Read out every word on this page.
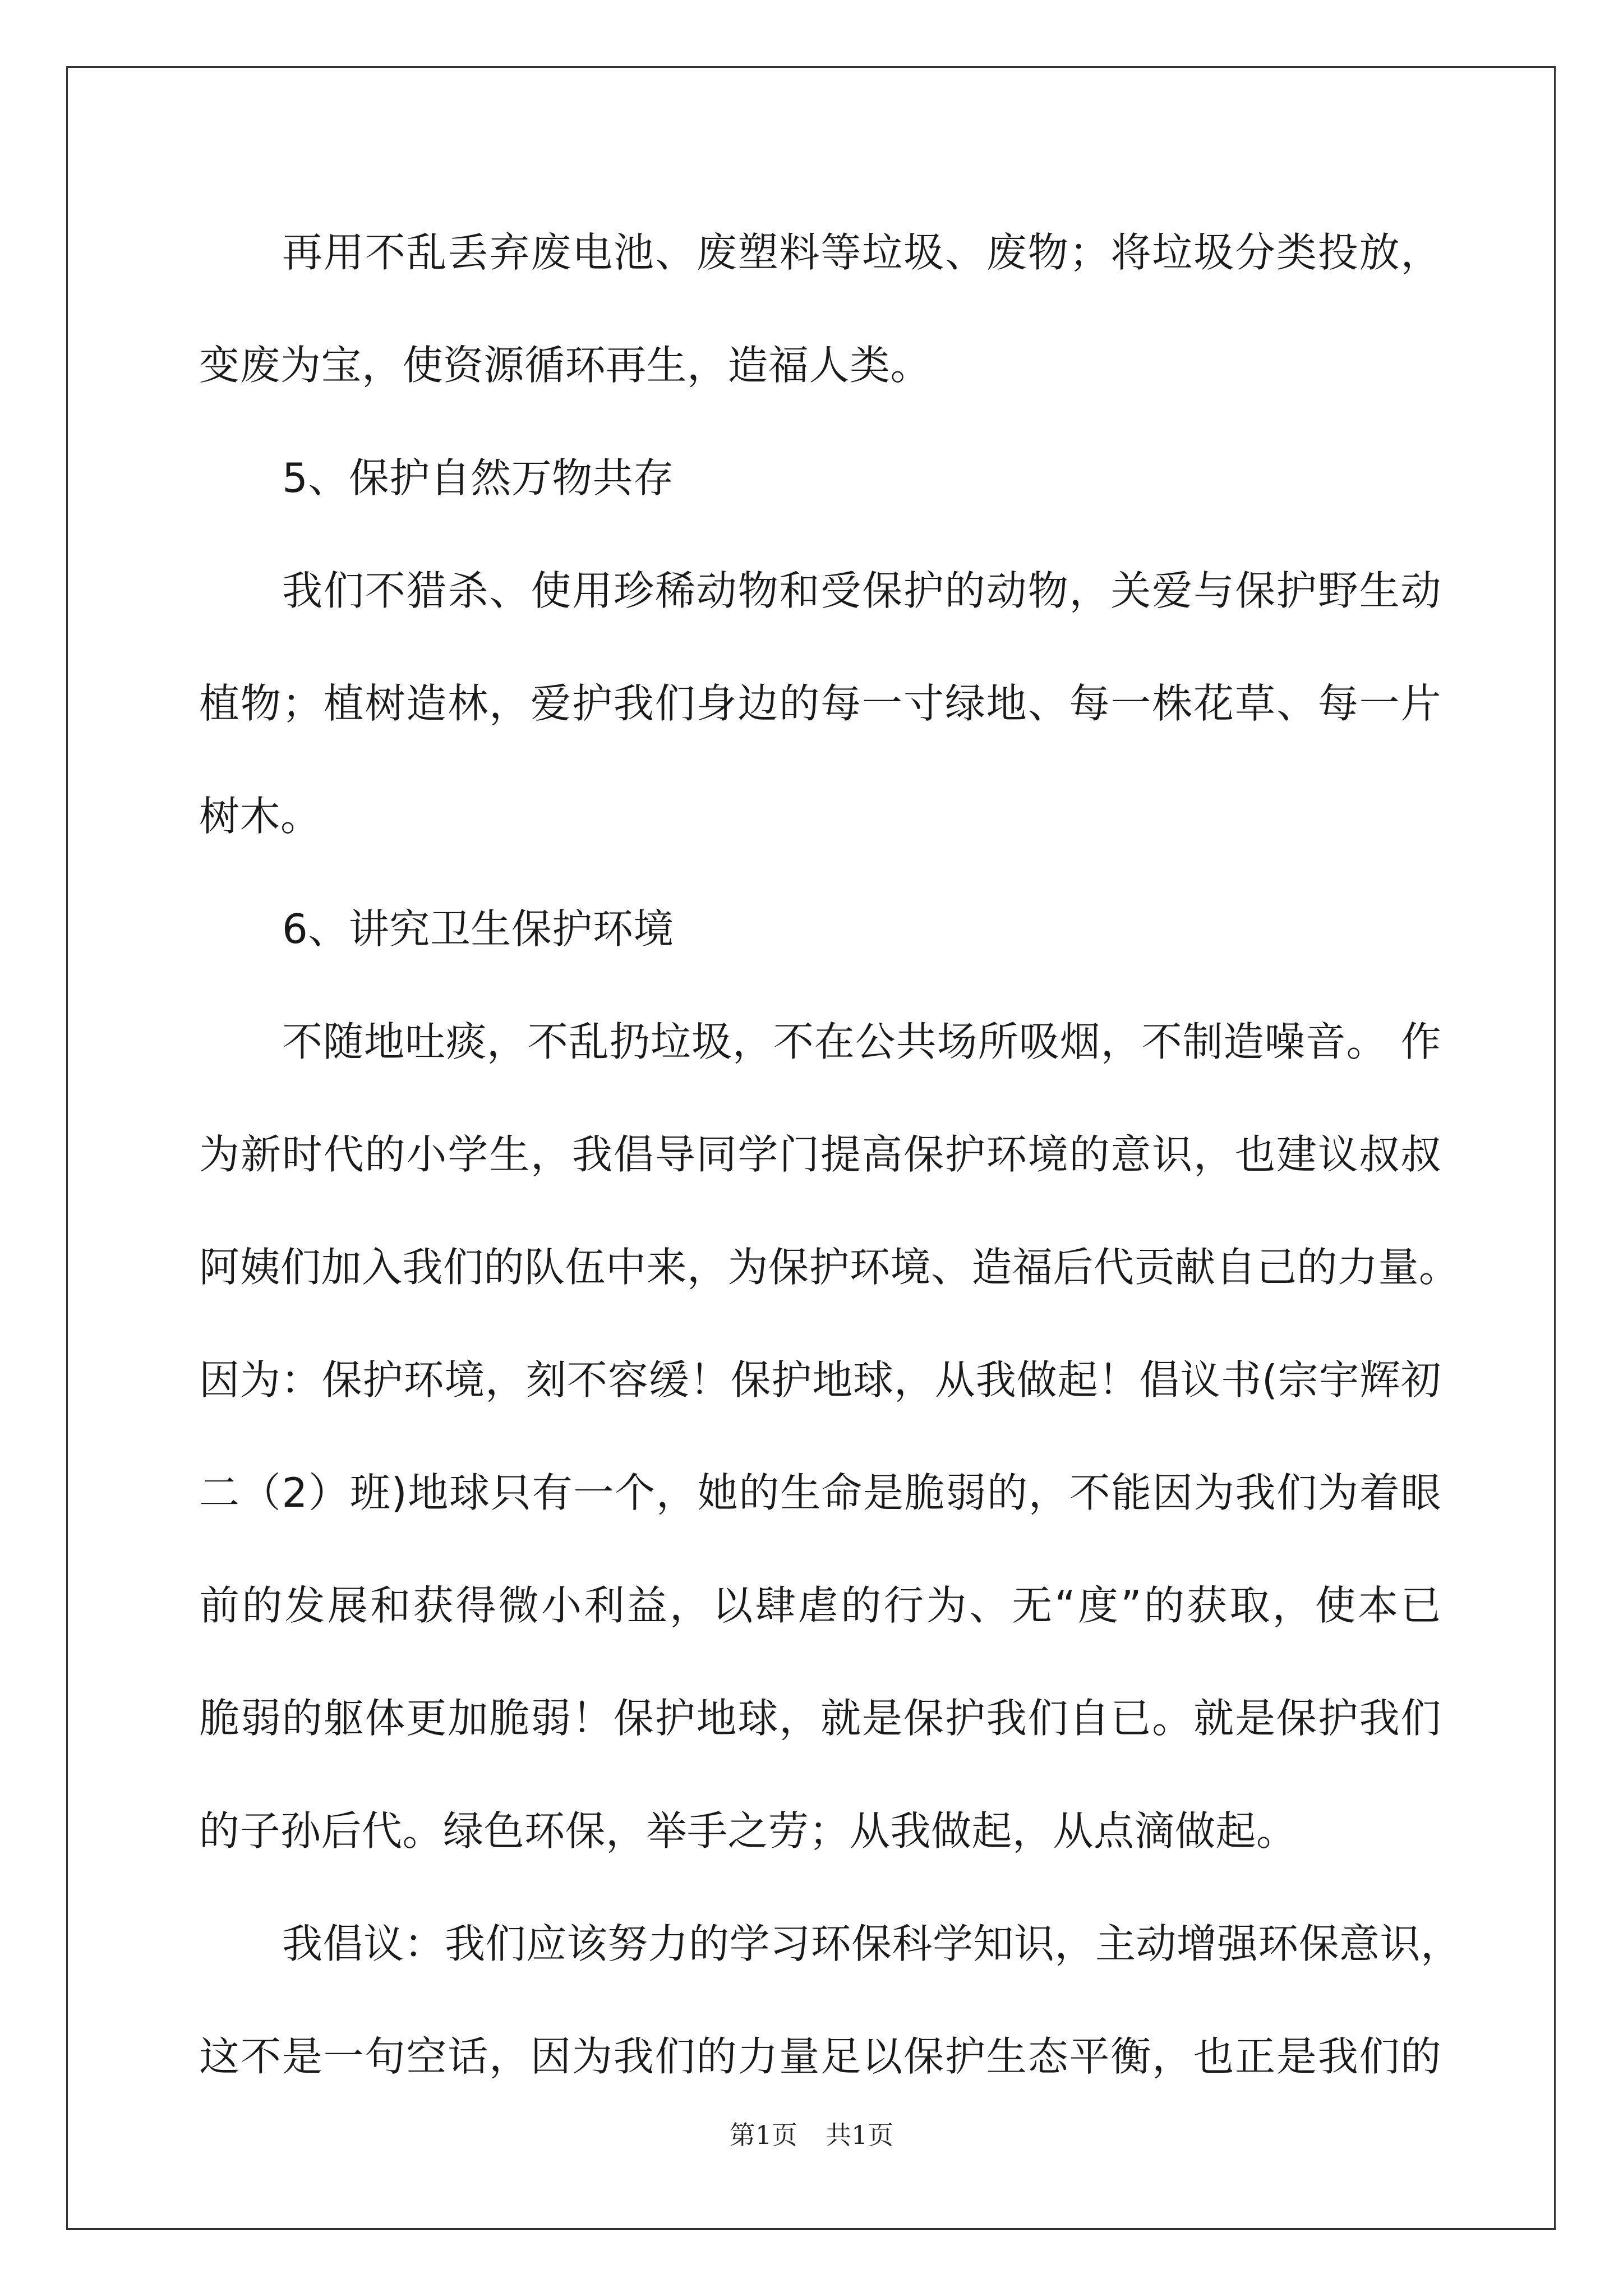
再用不乱丢弃废电池、废塑料等垃圾、废物；将垃圾分类投放，
变废为宝，使资源循环再生，造福人类。
5、保护自然万物共存
我们不猎杀、使用珍稀动物和受保护的动物，关爱与保护野生动
植物；植树造林，爱护我们身边的每一寸绿地、每一株花草、每一片
树木。
6、讲究卫生保护环境
不随地吐痰，不乱扔垃圾，不在公共场所吸烟，不制造噪音。 作
为新时代的小学生，我倡导同学门提高保护环境的意识，也建议叔叔
阿姨们加入我们的队伍中来，为保护环境、造福后代贡献自己的力量。
因为：保护环境，刻不容缓！保护地球，从我做起！倡议书(宗宇辉初
二（2）班)地球只有一个，她的生命是脆弱的，不能因为我们为着眼
前的发展和获得微小利益，以肆虐的行为、无“度”的获取，使本已
脆弱的躯体更加脆弱！保护地球，就是保护我们自已。就是保护我们
的子孙后代。绿色环保，举手之劳；从我做起，从点滴做起。
我倡议：我们应该努力的学习环保科学知识，主动增强环保意识，
这不是一句空话，因为我们的力量足以保护生态平衡，也正是我们的
第1页 共1页
